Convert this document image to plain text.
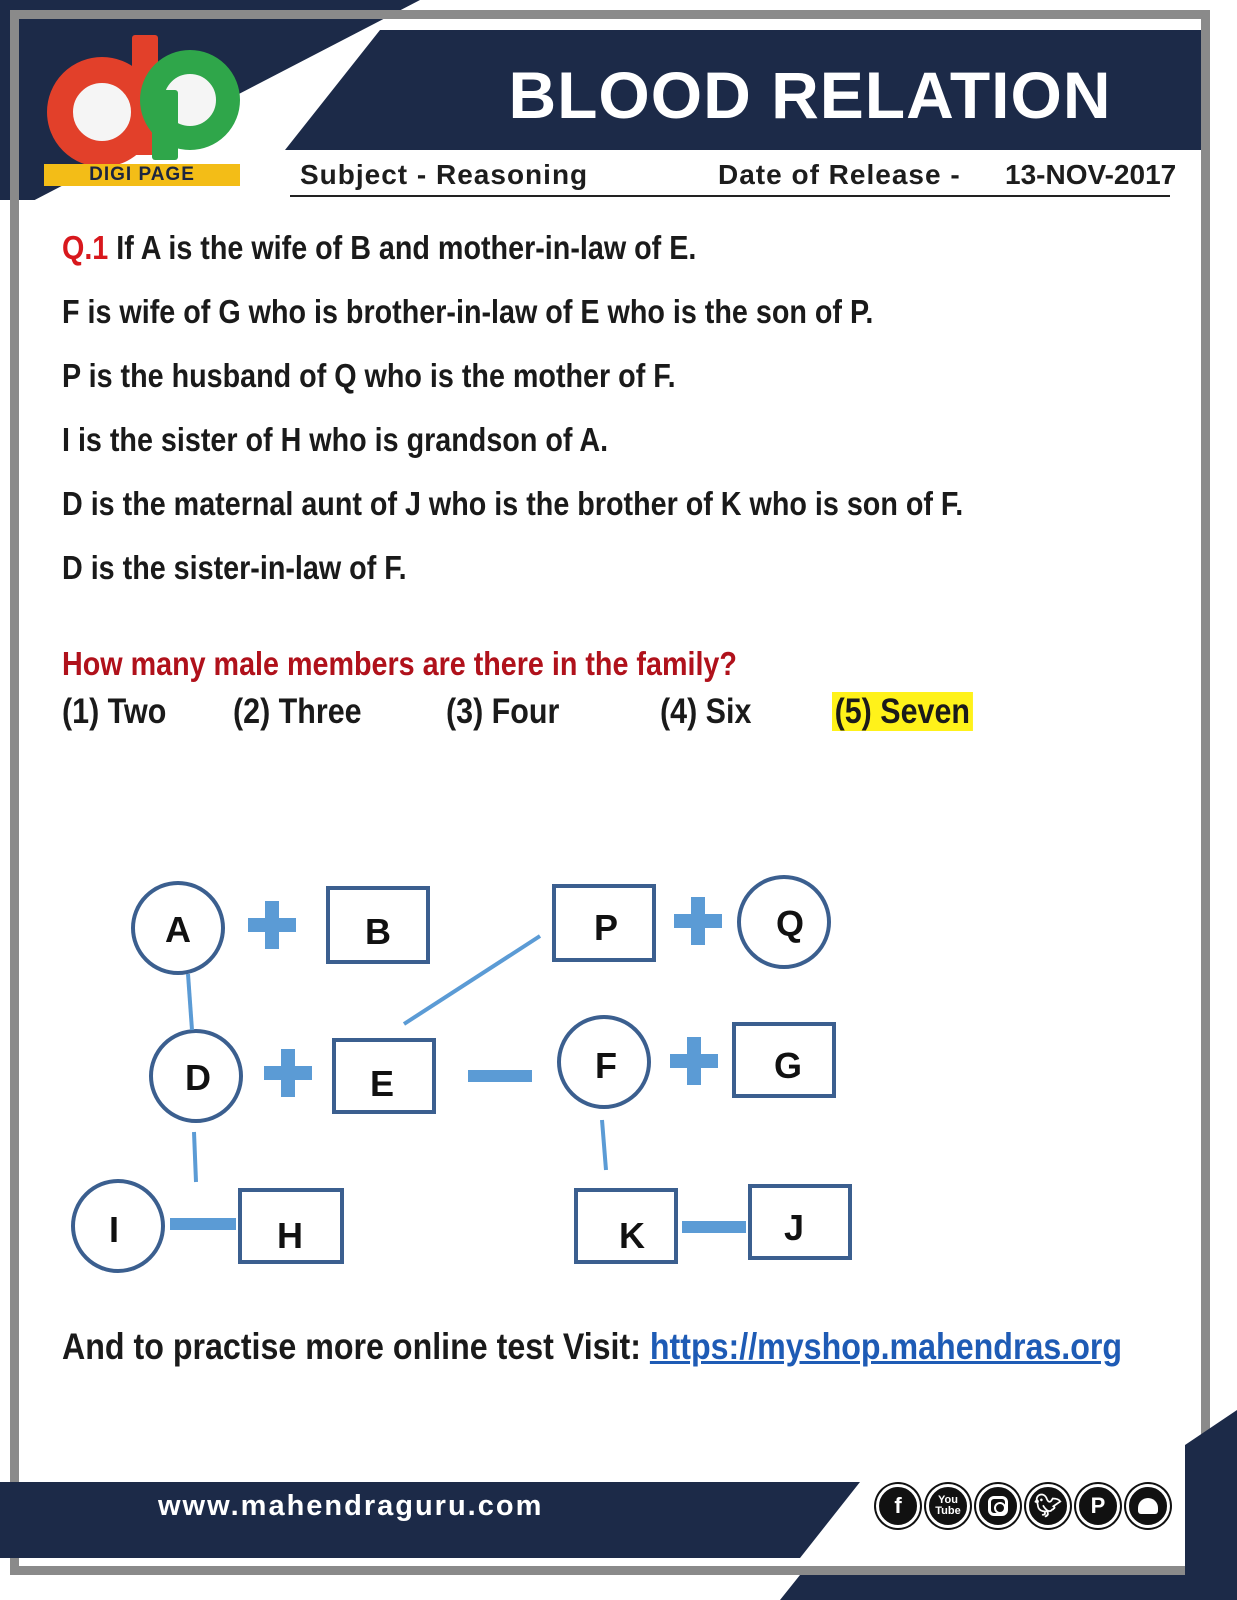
DIGI PAGE
BLOOD RELATION
Subject - Reasoning	Date of Release - 13-NOV-2017
Q.1 If A is the wife of B and mother-in-law of E.
F is wife of G who is brother-in-law of E who is the son of P.
P is the husband of Q who is the mother of F.
I is the sister of H who is grandson of A.
D is the maternal aunt of J who is the brother of K who is son of F.
D is the sister-in-law of F.
How many male members are there in the family?
(1) Two (2) Three (3) Four	(4) Six (5) Seven
A	B	P	Q
D	E	F	G
I	H	K	J
And to practise more online test Visit: https://myshop.mahendras.org
www.mahendraguru.com	f	You
Tube	🐦︎	P
